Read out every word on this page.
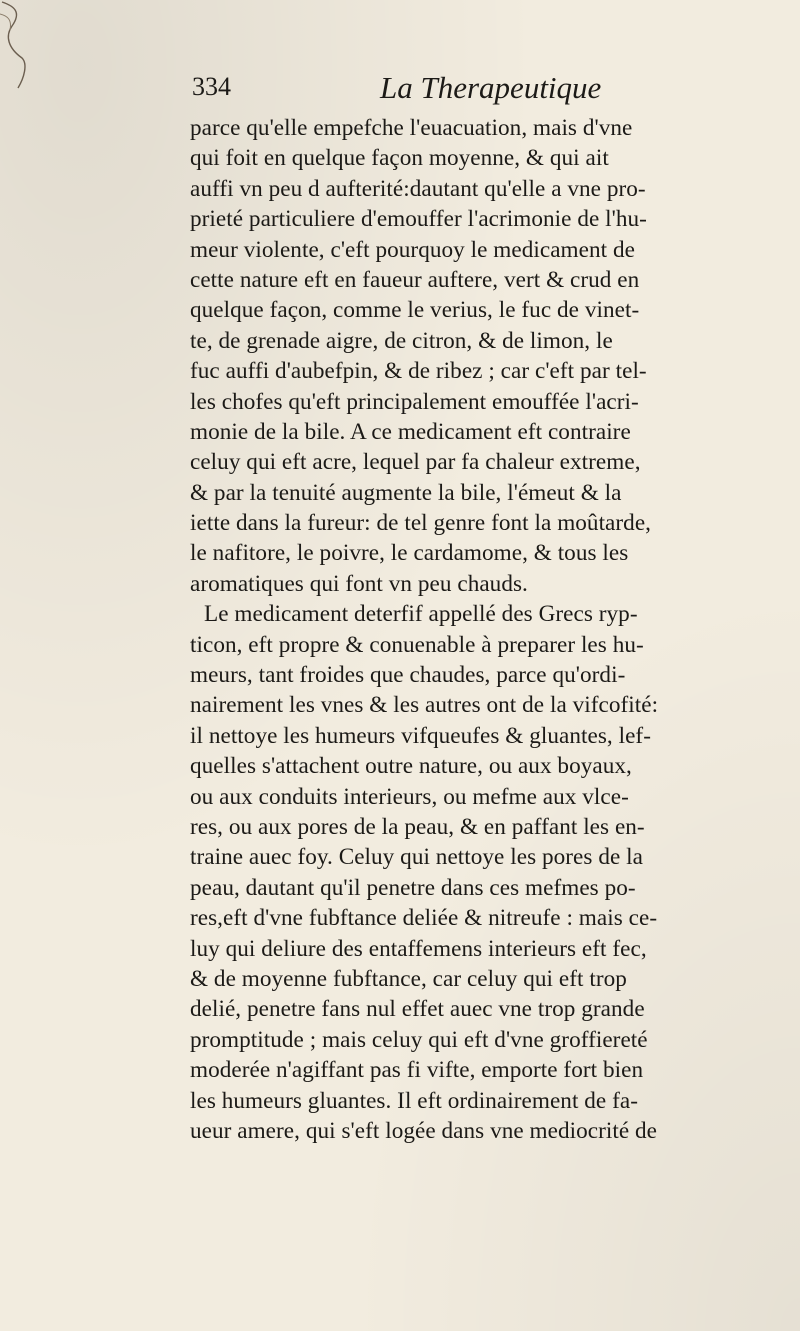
334	La Therapeutique
parce qu'elle empefche l'euacuation, mais d'vne
qui foit en quelque façon moyenne, & qui ait
auffi vn peu d aufterité:dautant qu'elle a vne pro-
prieté particuliere d'emouffer l'acrimonie de l'hu-
meur violente, c'eft pourquoy le medicament de
cette nature eft en faueur auftere, vert & crud en
quelque façon, comme le verius, le fuc de vinet-
te, de grenade aigre, de citron, & de limon, le
fuc auffi d'aubefpin, & de ribez ; car c'eft par tel-
les chofes qu'eft principalement emouffée l'acri-
monie de la bile. A ce medicament eft contraire
celuy qui eft acre, lequel par fa chaleur extreme,
& par la tenuité augmente la bile, l'émeut & la
iette dans la fureur: de tel genre font la moûtarde,
le nafitore, le poivre, le cardamome, & tous les
aromatiques qui font vn peu chauds.
Le medicament deterfif appellé des Grecs ryp-
ticon, eft propre & conuenable à preparer les hu-
meurs, tant froides que chaudes, parce qu'ordi-
nairement les vnes & les autres ont de la vifcofité:
il nettoye les humeurs vifqueufes & gluantes, lef-
quelles s'attachent outre nature, ou aux boyaux,
ou aux conduits interieurs, ou mefme aux vlce-
res, ou aux pores de la peau, & en paffant les en-
traine auec foy. Celuy qui nettoye les pores de la
peau, dautant qu'il penetre dans ces mefmes po-
res,eft d'vne fubftance deliée & nitreufe : mais ce-
luy qui deliure des entaffemens interieurs eft fec,
& de moyenne fubftance, car celuy qui eft trop
delié, penetre fans nul effet auec vne trop grande
promptitude ; mais celuy qui eft d'vne groffiereté
moderée n'agiffant pas fi vifte, emporte fort bien
les humeurs gluantes. Il eft ordinairement de fa-
ueur amere, qui s'eft logée dans vne mediocrité de
